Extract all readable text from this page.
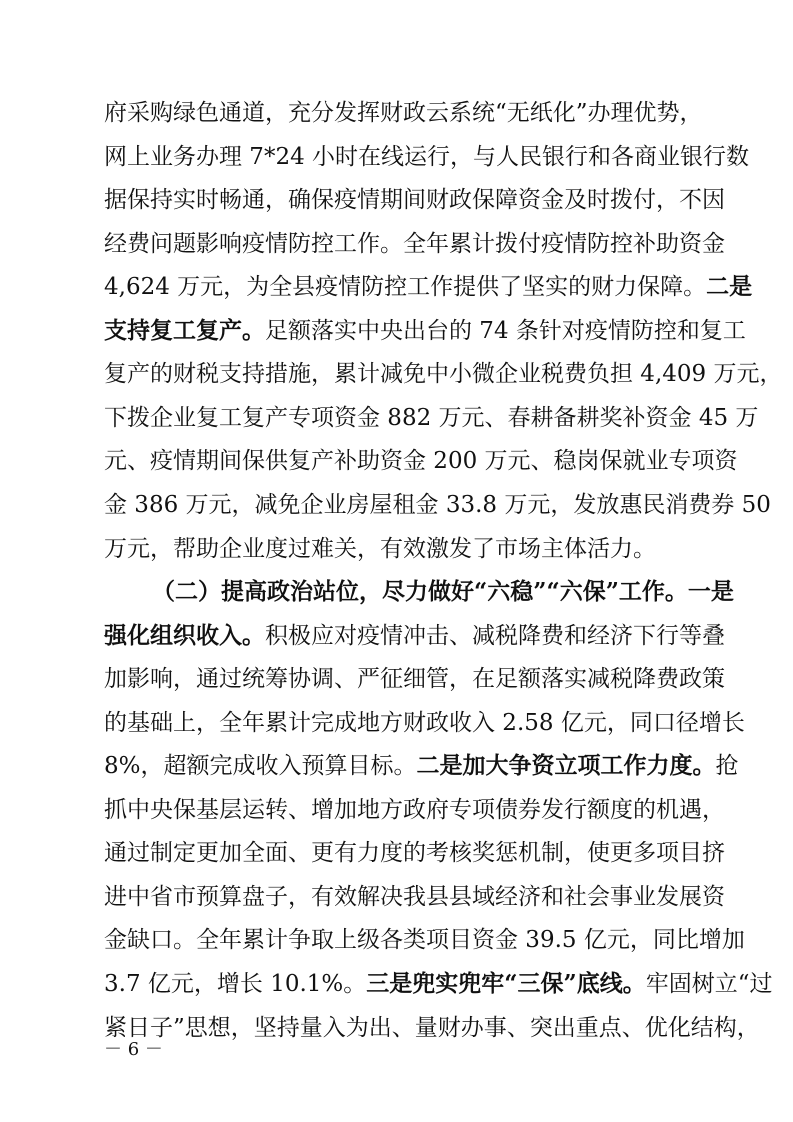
府采购绿色通道，充分发挥财政云系统“无纸化”办理优势，
网上业务办理 7*24 小时在线运行，与人民银行和各商业银行数
据保持实时畅通，确保疫情期间财政保障资金及时拨付，不因
经费问题影响疫情防控工作。全年累计拨付疫情防控补助资金
4,624 万元，为全县疫情防控工作提供了坚实的财力保障。二是
支持复工复产。足额落实中央出台的 74 条针对疫情防控和复工
复产的财税支持措施，累计减免中小微企业税费负担 4,409 万元，
下拨企业复工复产专项资金 882 万元、春耕备耕奖补资金 45 万
元、疫情期间保供复产补助资金 200 万元、稳岗保就业专项资
金 386 万元，减免企业房屋租金 33.8 万元，发放惠民消费券 50
万元，帮助企业度过难关，有效激发了市场主体活力。
（二）提高政治站位，尽力做好“六稳”“六保”工作。一是
强化组织收入。积极应对疫情冲击、减税降费和经济下行等叠
加影响，通过统筹协调、严征细管，在足额落实减税降费政策
的基础上，全年累计完成地方财政收入 2.58 亿元，同口径增长
8%，超额完成收入预算目标。二是加大争资立项工作力度。抢
抓中央保基层运转、增加地方政府专项债券发行额度的机遇，
通过制定更加全面、更有力度的考核奖惩机制，使更多项目挤
进中省市预算盘子，有效解决我县县域经济和社会事业发展资
金缺口。全年累计争取上级各类项目资金 39.5 亿元，同比增加
3.7 亿元，增长 10.1%。三是兜实兜牢“三保”底线。牢固树立“过
紧日子”思想，坚持量入为出、量财办事、突出重点、优化结构，
－ 6 －
